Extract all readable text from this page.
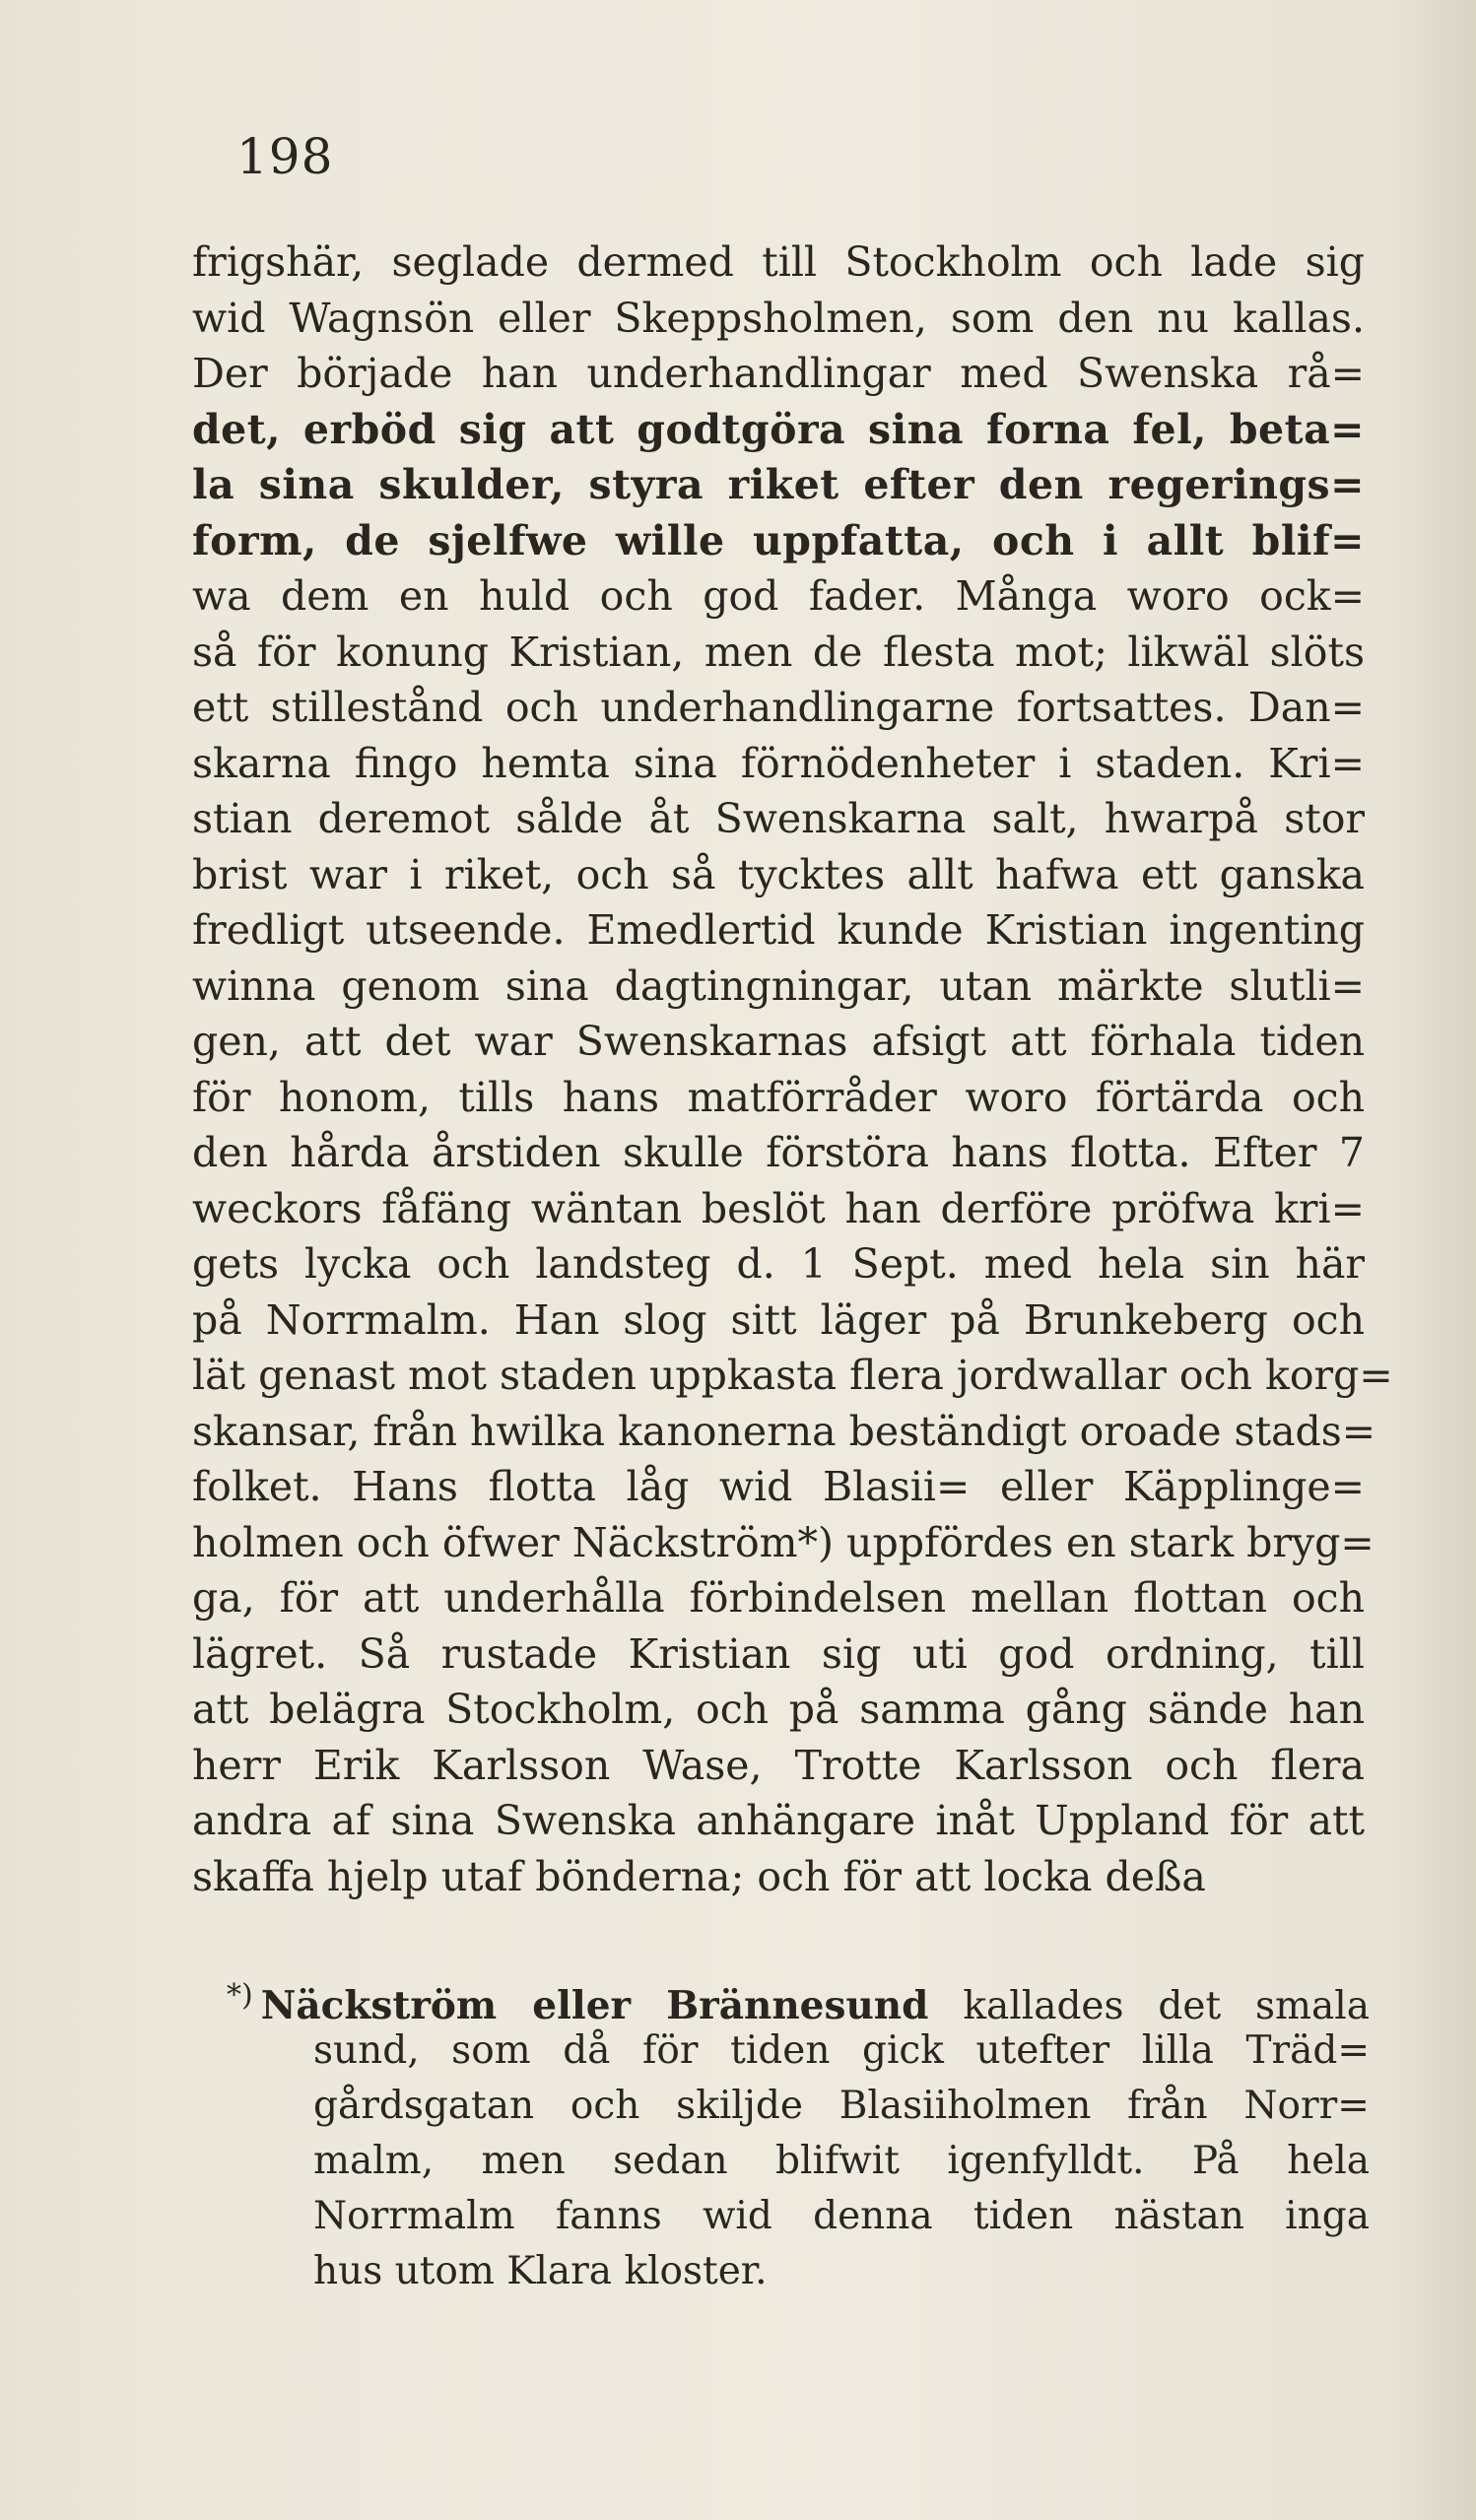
198
frigshär, seglade dermed till Stockholm och lade sig
wid Wagnsön eller Skeppsholmen, som den nu kallas.
Der började han underhandlingar med Swenska rå=
det, erböd sig att godtgöra sina forna fel, beta=
la sina skulder, styra riket efter den regerings=
form, de sjelfwe wille uppfatta, och i allt blif=
wa dem en huld och god fader. Många woro ock=
så för konung Kristian, men de flesta mot; likwäl slöts
ett stillestånd och underhandlingarne fortsattes. Dan=
skarna fingo hemta sina förnödenheter i staden. Kri=
stian deremot sålde åt Swenskarna salt, hwarpå stor
brist war i riket, och så tycktes allt hafwa ett ganska
fredligt utseende. Emedlertid kunde Kristian ingenting
winna genom sina dagtingningar, utan märkte slutli=
gen, att det war Swenskarnas afsigt att förhala tiden
för honom, tills hans matförråder woro förtärda och
den hårda årstiden skulle förstöra hans flotta. Efter 7
weckors fåfäng wäntan beslöt han derföre pröfwa kri=
gets lycka och landsteg d. 1 Sept. med hela sin här
på Norrmalm. Han slog sitt läger på Brunkeberg och
lät genast mot staden uppkasta flera jordwallar och korg=
skansar, från hwilka kanonerna beständigt oroade stads=
folket. Hans flotta låg wid Blasii= eller Käpplinge=
holmen och öfwer Näckström*) uppfördes en stark bryg=
ga, för att underhålla förbindelsen mellan flottan och
lägret. Så rustade Kristian sig uti god ordning, till
att belägra Stockholm, och på samma gång sände han
herr Erik Karlsson Wase, Trotte Karlsson och flera
andra af sina Swenska anhängare inåt Uppland för att
skaffa hjelp utaf bönderna; och för att locka deßa
*) Näckström eller Brännesund kallades det smala
sund, som då för tiden gick utefter lilla Träd=
gårdsgatan och skiljde Blasiiholmen från Norr=
malm, men sedan blifwit igenfylldt. På hela
Norrmalm fanns wid denna tiden nästan inga
hus utom Klara kloster.
